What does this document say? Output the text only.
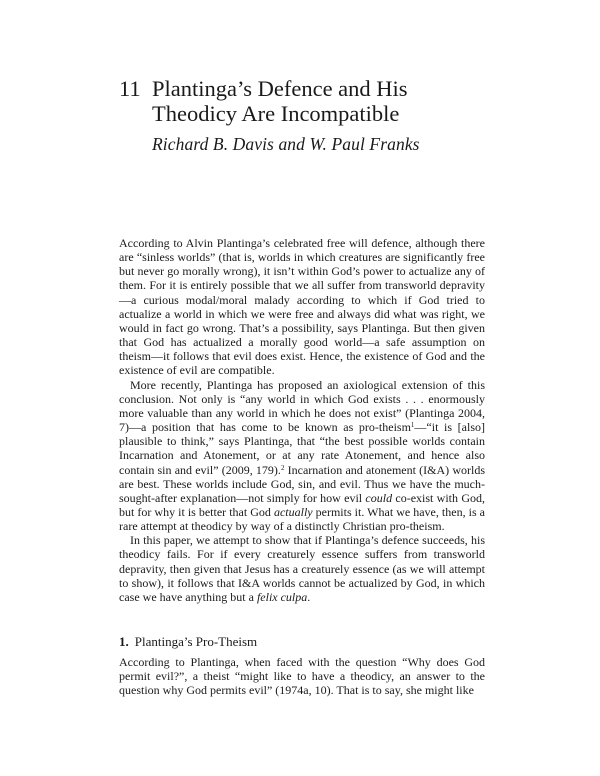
11 Plantinga’s Defence and His
Theodicy Are Incompatible

Richard B. Davis and W. Paul Franks

According to Alvin Plantinga’s celebrated free will defence, although there are “sinless worlds” (that is, worlds in which creatures are significantly free but never go morally wrong), it isn’t within God’s power to actualize any of them. For it is entirely possible that we all suffer from transworld depravity—a curious modal/moral malady according to which if God tried to actualize a world in which we were free and always did what was right, we would in fact go wrong. That’s a possibility, says Plantinga. But then given that God has actualized a morally good world—a safe assumption on theism—it follows that evil does exist. Hence, the existence of God and the existence of evil are compatible.

More recently, Plantinga has proposed an axiological extension of this conclusion. Not only is “any world in which God exists . . . enormously more valuable than any world in which he does not exist” (Plantinga 2004, 7)—a position that has come to be known as pro-theism$^1$—“it is [also] plausible to think,” says Plantinga, that “the best possible worlds contain Incarnation and Atonement, or at any rate Atonement, and hence also contain sin and evil” (2009, 179).$^2$ Incarnation and atonement (I&A) worlds are best. These worlds include God, sin, and evil. Thus we have the much-sought-after explanation—not simply for how evil could co-exist with God, but for why it is better that God actually permits it. What we have, then, is a rare attempt at theodicy by way of a distinctly Christian pro-theism.

In this paper, we attempt to show that if Plantinga’s defence succeeds, his theodicy fails. For if every creaturely essence suffers from transworld depravity, then given that Jesus has a creaturely essence (as we will attempt to show), it follows that I&A worlds cannot be actualized by God, in which case we have anything but a felix culpa.

1. Plantinga’s Pro-Theism

According to Plantinga, when faced with the question “Why does God permit evil?”, a theist “might like to have a theodicy, an answer to the question why God permits evil” (1974a, 10). That is to say, she might like
